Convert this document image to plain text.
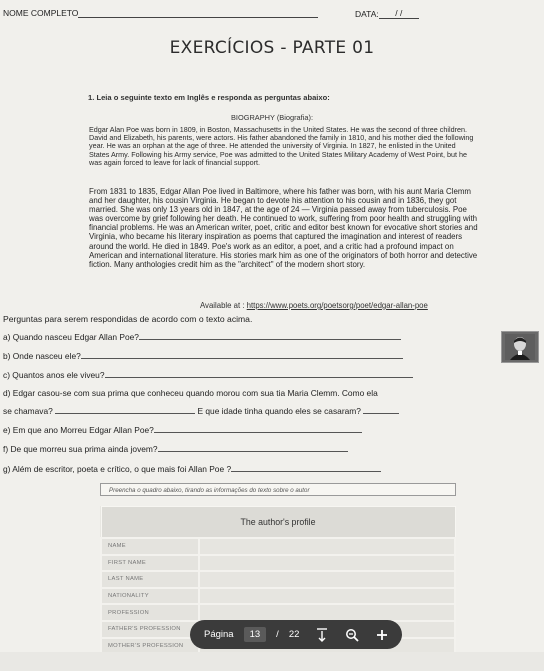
NOME COMPLETO	DATA: / /
EXERCÍCIOS - PARTE 01
1. Leia o seguinte texto em Inglês e responda as perguntas abaixo:
BIOGRAPHY (Biografia):
Edgar Alan Poe was born in 1809, in Boston, Massachusetts in the United States. He was the second of three children. David and Elizabeth, his parents, were actors. His father abandoned the family in 1810, and his mother died the following year. He was an orphan at the age of three. He attended the university of Virginia. In 1827, he enlisted in the United States Army. Following his Army service, Poe was admitted to the United States Military Academy of West Point, but he was again forced to leave for lack of financial support.
From 1831 to 1835, Edgar Allan Poe lived in Baltimore, where his father was born, with his aunt Maria Clemm and her daughter, his cousin Virginia. He began to devote his attention to his cousin and in 1836, they got married. She was only 13 years old in 1847, at the age of 24 — Virginia passed away from tuberculosis. Poe was overcome by grief following her death. He continued to work, suffering from poor health and struggling with financial problems. He was an American writer, poet, critic and editor best known for evocative short stories and Virginia, who became his literary inspiration as poems that captured the imagination and interest of readers around the world. He died in 1849. Poe's work as an editor, a poet, and a critic had a profound impact on American and international literature. His stories mark him as one of the originators of both horror and detective fiction. Many anthologies credit him as the "architect" of the modern short story.
Available at : https://www.poets.org/poetsorg/poet/edgar-allan-poe
Perguntas para serem respondidas de acordo com o texto acima.
a) Quando nasceu Edgar Allan Poe?
b) Onde nasceu ele?
c) Quantos anos ele viveu?
d) Edgar casou-se com sua prima que conheceu quando morou com sua tia Maria Clemm. Como ela
se chamava?	E que idade tinha quando eles se casaram?
e) Em que ano Morreu Edgar Allan Poe?
f) De que morreu sua prima ainda jovem?
g) Além de escritor, poeta e crítico, o que mais foi Allan Poe ?
Preencha o quadro abaixo, tirando as informações do texto sobre o autor
The author's profile	
NAME	
FIRST NAME	
LAST NAME	
NATIONALITY	
PROFESSION	
FATHER'S PROFESSION	
MOTHER'S PROFESSION	
Página	13	/ 22
